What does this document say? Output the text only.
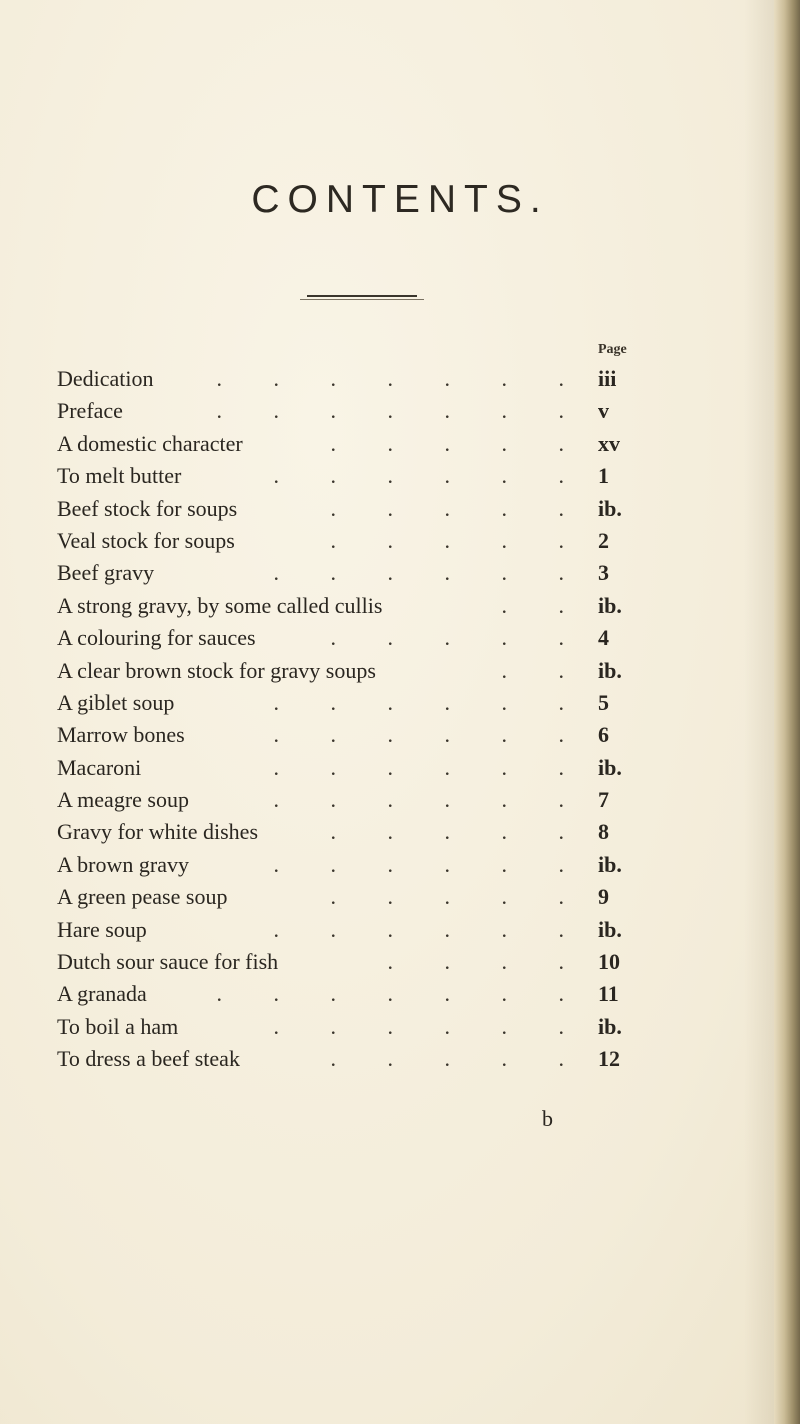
CONTENTS.
Page
Dedication	. . . . . . . iii
Preface	. . . . . . . v
A domestic character	. . . . . xv
To melt butter	. . . . . . 1
Beef stock for soups	. . . . . ib.
Veal stock for soups	. . . . . 2
Beef gravy	. . . . . . 3
A strong gravy, by some called cullis	. . ib.
A colouring for sauces	. . . . . 4
A clear brown stock for gravy soups	. . ib.
A giblet soup	. . . . . . 5
Marrow bones	. . . . . . 6
Macaroni	. . . . . . ib.
A meagre soup	. . . . . . 7
Gravy for white dishes	. . . . . 8
A brown gravy	. . . . . . ib.
A green pease soup	. . . . . 9
Hare soup	. . . . . . ib.
Dutch sour sauce for fish	. . . . 10
A granada	. . . . . . . 11
To boil a ham	. . . . . . ib.
To dress a beef steak	. . . . . 12
b
